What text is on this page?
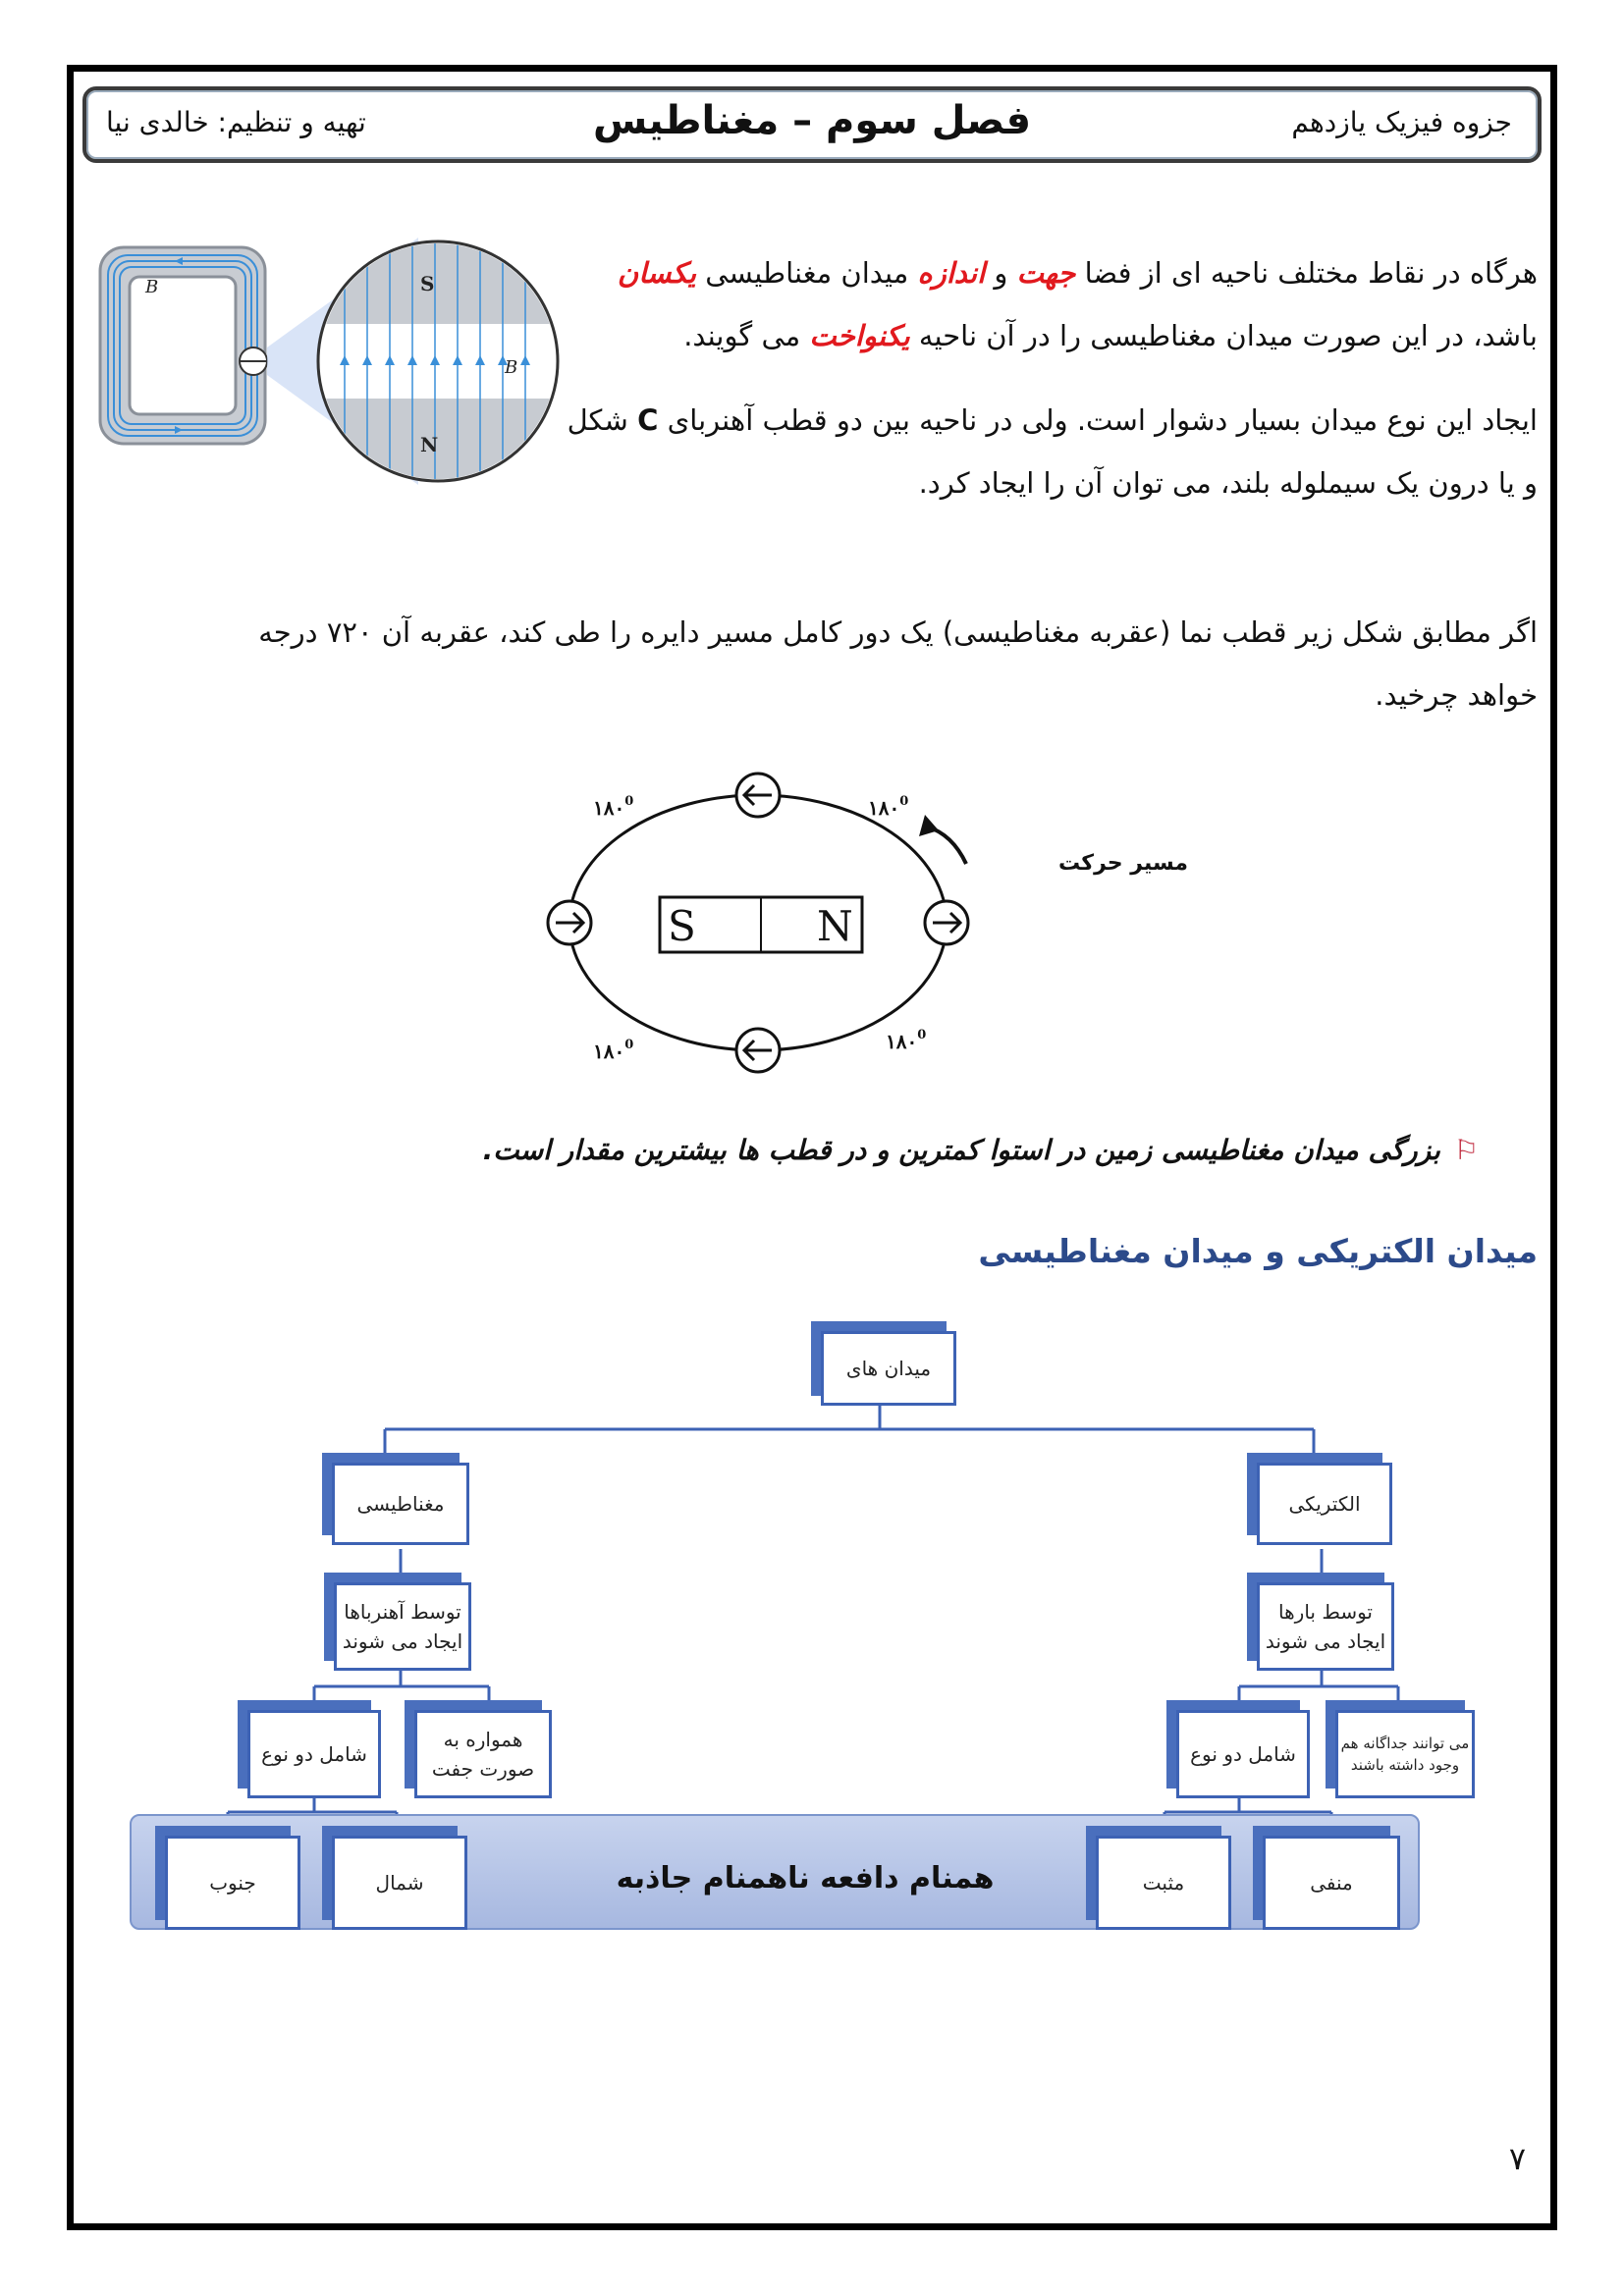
جزوه فیزیک یازدهم
فصل سوم – مغناطیس
تهیه و تنظیم: خالدی نیا
B	S
N
B
هرگاه در نقاط مختلف ناحیه ای از فضا جهت و اندازه میدان مغناطیسی یکسان باشد، در این صورت میدان مغناطیسی را در آن ناحیه یکنواخت می گویند.
ایجاد این نوع میدان بسیار دشوار است. ولی در ناحیه بین دو قطب آهنربای C شکل و یا درون یک سیملوله بلند، می توان آن را ایجاد کرد.
اگر مطابق شکل زیر قطب نما (عقربه مغناطیسی) یک دور کامل مسیر دایره را طی کند، عقربه آن ۷۲۰ درجه خواهد چرخید.
S	N
مسیر حرکت
$۱۸۰^0$	$۱۸۰^0$
$۱۸۰^0$	$۱۸۰^0$
⚐بزرگی میدان مغناطیسی زمین در استوا کمترین و در قطب ها بیشترین مقدار است.
میدان الکتریکی و میدان مغناطیسی
همنام دافعه ناهمنام جاذبه
میدان های
الکتریکی
مغناطیسی
توسط بارها ایجاد می شوند
توسط آهنرباها ایجاد می شوند
شامل دو نوع	می توانند جداگانه هم وجود داشته باشند
شامل دو نوع
همواره به صورت جفت
منفی
مثبت
شمال
جنوب
۷
